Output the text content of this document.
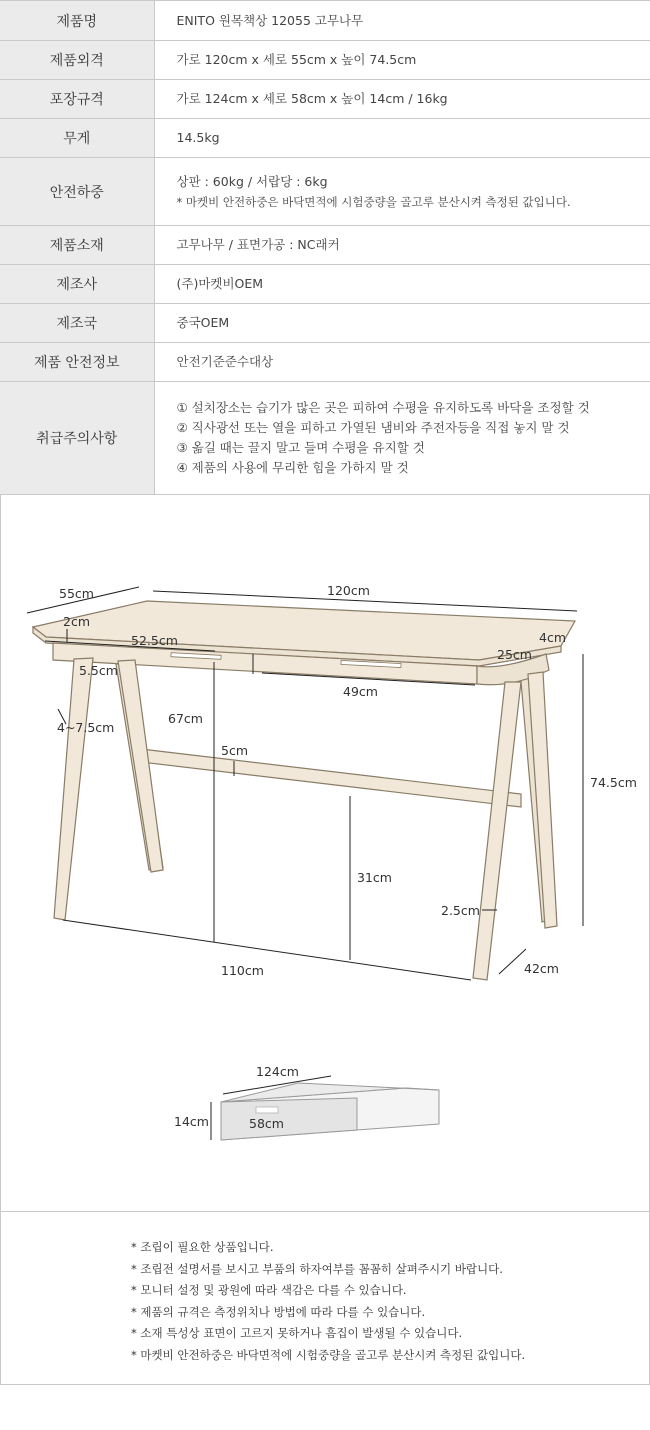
제품명	ENITO 원목책상 12055 고무나무

제품외격	가로 120cm x 세로 55cm x 높이 74.5cm

포장규격	가로 124cm x 세로 58cm x 높이 14cm / 16kg

무게	14.5kg

안전하중	상판 : 60kg / 서랍당 : 6kg
* 마켓비 안전하중은 바닥면적에 시험중량을 골고루 분산시켜 측정된 값입니다.

제품소재	고무나무 / 표면가공 : NC래커

제조사	(주)마켓비OEM

제조국	중국OEM

제품 안전정보	안전기준준수대상

취급주의사항	① 설치장소는 습기가 많은 곳은 피하여 수평을 유지하도록 바닥을 조정할 것
② 직사광선 또는 열을 피하고 가열된 냄비와 주전자등을 직접 놓지 말 것
③ 옮길 때는 끌지 말고 들며 수평을 유지할 것
④ 제품의 사용에 무리한 힘을 가하지 말 것
55cm	120cm
2cm
52.5cm	4cm
5.5cm
25cm
49cm
4~7.5cm
67cm
5cm
74.5cm
31cm
2.5cm
110cm	42cm
124cm
14cm	58cm
* 조립이 필요한 상품입니다.
* 조립전 설명서를 보시고 부품의 하자여부를 꼼꼼히 살펴주시기 바랍니다.
* 모니터 설정 및 광원에 따라 색감은 다를 수 있습니다.
* 제품의 규격은 측정위치나 방법에 따라 다를 수 있습니다.
* 소재 특성상 표면이 고르지 못하거나 흠집이 발생될 수 있습니다.
* 마켓비 안전하중은 바닥면적에 시험중량을 골고루 분산시켜 측정된 값입니다.
